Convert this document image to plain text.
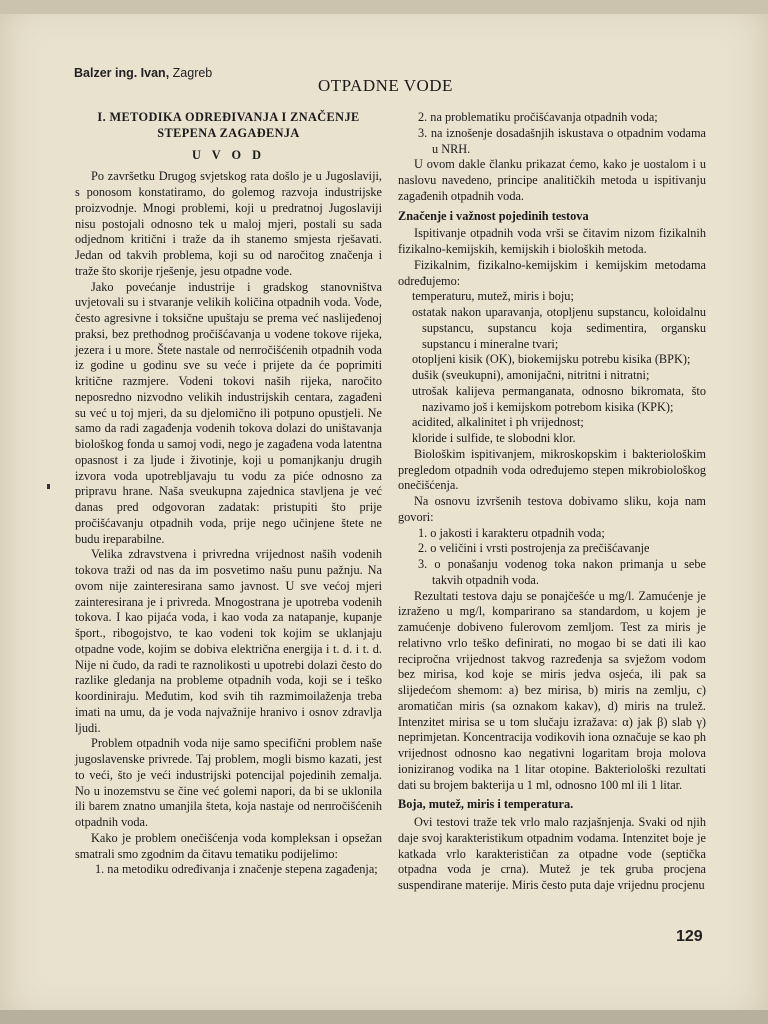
Balzer ing. Ivan, Zagreb
OTPADNE VODE

I. METODIKA ODREĐIVANJA I ZNAČENJE

STEPENA ZAGAĐENJA

U V O D

Po završetku Drugog svjetskog rata došlo je u Jugoslaviji, s ponosom konstatiramo, do golemog razvoja industrijske proizvodnje. Mnogi problemi, koji u predratnoj Jugoslaviji nisu postojali odnosno tek u maloj mjeri, postali su sada odjednom kritični i traže da ih stanemo smjesta rješavati. Jedan od takvih problema, koji su od naročitog značenja i traže što skorije rješenje, jesu otpadne vode.

Jako povećanje industrije i gradskog stanovništva uvjetovali su i stvaranje velikih količina otpadnih voda. Vode, često agresivne i toksične upuštaju se prema već naslijeđenoj praksi, bez prethodnog pročišćavanja u vodene tokove rijeka, jezera i u more. Štete nastale od neпročišćenih otpadnih voda iz godine u godinu sve su veće i prijete da će poprimiti kritične razmjere. Vodeni tokovi naših rijeka, naročito neposredno nizvodno velikih industrijskih centara, zagađeni su već u toj mjeri, da su djelomično ili potpuno opustjeli. Ne samo da radi zagađenja vodenih tokova dolazi do uništavanja biološkog fonda u samoj vodi, nego je zagađena voda latentna opasnost i za ljude i životinje, koji u pomanjkanju drugih izvora voda upotrebljavaju tu vodu za piće odnosno za pripravu hrane. Naša sveukupna zajednica stavljena je već danas pred odgovoran zadatak: pristupiti što prije pročišćavanju otpadnih voda, prije nego učinjene štete ne budu ireparabilne.

Velika zdravstvena i privredna vrijednost naših vodenih tokova traži od nas da im posvetimo našu punu pažnju. Na ovom nije zainteresirana samo javnost. U sve većoj mjeri zainteresirana je i privreda. Mnogostrana je upotreba vodenih tokova. I kao pijaća voda, i kao voda za natapanje, kupanje šport., ribogojstvo, te kao vodeni tok kojim se uklanjaju otpadne vode, kojim se dobiva električna energija i t. d. i t. d. Nije ni čudo, da radi te raznolikosti u upotrebi dolazi često do razlike gledanja na probleme otpadnih voda, koji se i teško koordiniraju. Međutim, kod svih tih razmimoilaženja treba imati na umu, da je voda najvažnije hranivo i osnov zdravlja ljudi.

Problem otpadnih voda nije samo specifični problem naše jugoslavenske privrede. Taj problem, mogli bismo kazati, jest to veći, što je veći industrijski potencijal pojedinih zemalja. No u inozemstvu se čine već golemi napori, da bi se uklonila ili barem znatno umanjila šteta, koja nastaje od neпročišćenih otpadnih voda.

Kako je problem onečišćenja voda kompleksan i opsežan smatrali smo zgodnim da čitavu tematiku podijelimo:

1. na metodiku određivanja i značenje stepena zagađenja;

2. na problematiku pročišćavanja otpadnih voda;

3. na iznošenje dosadašnjih iskustava o otpadnim vodama u NRH.

U ovom dakle članku prikazat ćemo, kako je uostalom i u naslovu navedeno, principe analitičkih metoda u ispitivanju zagađenih otpadnih voda.

Značenje i važnost pojedinih testova

Ispitivanje otpadnih voda vrši se čitavim nizom fizikalnih fizikalno-kemijskih, kemijskih i bioloških metoda.

Fizikalnim, fizikalno-kemijskim i kemijskim metodama određujemo:

temperaturu, mutež, miris i boju;

ostatak nakon uparavanja, otopljenu supstancu, koloidalnu supstancu, supstancu koja sedimentira, organsku supstancu i mineralne tvari;

otopljeni kisik (OK), biokemijsku potrebu kisika (BPK);

dušik (sveukupni), amonijačni, nitritni i nitratni;

utrošak kalijeva permanganata, odnosno bikromata, što nazivamo još i kemijskom potrebom kisika (KPK);

acidited, alkalinitet i ph vrijednost;

kloride i sulfide, te slobodni klor.

Biološkim ispitivanjem, mikroskopskim i bakteriološkim pregledom otpadnih voda određujemo stepen mikrobiološkog onečišćenja.

Na osnovu izvršenih testova dobivamo sliku, koja nam govori:

1. o jakosti i karakteru otpadnih voda;

2. o veličini i vrsti postrojenja za prečišćavanje

3. o ponašanju vodenog toka nakon primanja u sebe takvih otpadnih voda.

Rezultati testova daju se ponajčešće u mg/l. Zamućenje je izraženo u mg/l, kompariranо sa standardom, u kojem je zamućenje dobiveno fulerovom zemljom. Test za miris je relativno vrlo teško definirati, no mogao bi se dati ili kao recipročna vrijednost takvog razređenja sa svježom vodom bez mirisa, kod koje se miris jedva osjeća, ili pak sa slijedećom shemom: a) bez mirisa, b) miris na zemlju, c) aromatičan miris (sa oznakom kakav), d) miris na trulež. Intenzitet mirisa se u tom slučaju izražava: α) jak β) slab γ) neprimjetan. Koncentracija vodikovih iona označuje se kao ph vrijednost odnosno kao negativni logaritam broja molova ioniziranog vodika na 1 litar otopine. Bakteriološki rezultati dati su brojem bakterija u 1 ml, odnosno 100 ml ili 1 litar.

Boja, mutež, miris i temperatura.

Ovi testovi traže tek vrlo malo razjašnjenja. Svaki od njih daje svoj karakteristikum otpadnim vodama. Intenzitet boje je katkada vrlo karakterističan za otpadne vode (septička otpadna voda je crna). Mutež je tek gruba procjena suspendirane materije. Miris često puta daje vrijednu procjenu

129
